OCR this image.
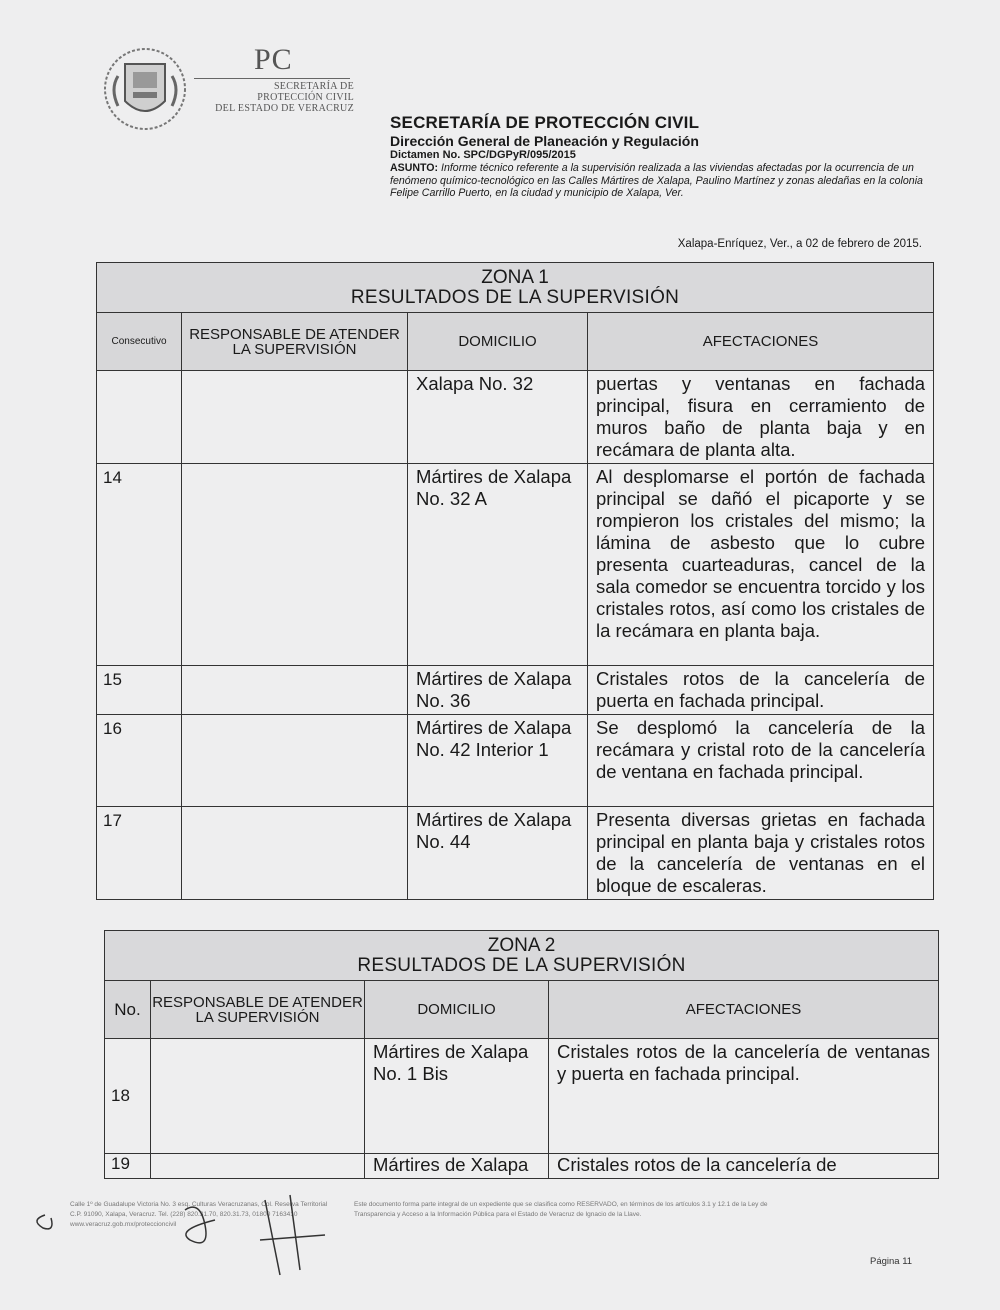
PC
SECRETARÍA DE
PROTECCIÓN CIVIL
DEL ESTADO DE VERACRUZ
SECRETARÍA DE PROTECCIÓN CIVIL
Dirección General de Planeación y Regulación
Dictamen No. SPC/DGPyR/095/2015
ASUNTO: Informe técnico referente a la supervisión realizada a las viviendas afectadas por la ocurrencia de un fenómeno químico-tecnológico en las Calles Mártires de Xalapa, Paulino Martínez y zonas aledañas en la colonia Felipe Carrillo Puerto, en la ciudad y municipio de Xalapa, Ver.
Xalapa-Enríquez, Ver., a 02 de febrero de 2015.
ZONA 1
RESULTADOS DE LA SUPERVISIÓN			

Consecutivo	RESPONSABLE DE ATENDER LA SUPERVISIÓN	DOMICILIO	AFECTACIONES
		Xalapa No. 32	puertas y ventanas en fachada principal, fisura en cerramiento de muros baño de planta baja y en recámara de planta alta.
14		Mártires de Xalapa No. 32 A	Al desplomarse el portón de fachada principal se dañó el picaporte y se rompieron los cristales del mismo; la lámina de asbesto que lo cubre presenta cuarteaduras, cancel de la sala comedor se encuentra torcido y los cristales rotos, así como los cristales de la recámara en planta baja.
15		Mártires de Xalapa No. 36	Cristales rotos de la cancelería de puerta en fachada principal.
16		Mártires de Xalapa No. 42 Interior 1	Se desplomó la cancelería de la recámara y cristal roto de la cancelería de ventana en fachada principal.
17		Mártires de Xalapa No. 44	Presenta diversas grietas en fachada principal en planta baja y cristales rotos de la cancelería de ventanas en el bloque de escaleras.
ZONA 2
RESULTADOS DE LA SUPERVISIÓN			

No.	RESPONSABLE DE ATENDER LA SUPERVISIÓN	DOMICILIO	AFECTACIONES
18		Mártires de Xalapa No. 1 Bis	Cristales rotos de la cancelería de ventanas y puerta en fachada principal.
19		Mártires de Xalapa	Cristales rotos de la cancelería de
Calle 1º de Guadalupe Victoria No. 3 esq. Culturas Veracruzanas, Col. Reserva Territorial C.P. 91090, Xalapa, Veracruz. Tel. (228) 820.31.70, 820.31.73, 01800 7163410 www.veracruz.gob.mx/proteccioncivil
Este documento forma parte integral de un expediente que se clasifica como RESERVADO, en términos de los artículos 3.1 y 12.1 de la Ley de Transparencia y Acceso a la Información Pública para el Estado de Veracruz de Ignacio de la Llave.
Página 11
